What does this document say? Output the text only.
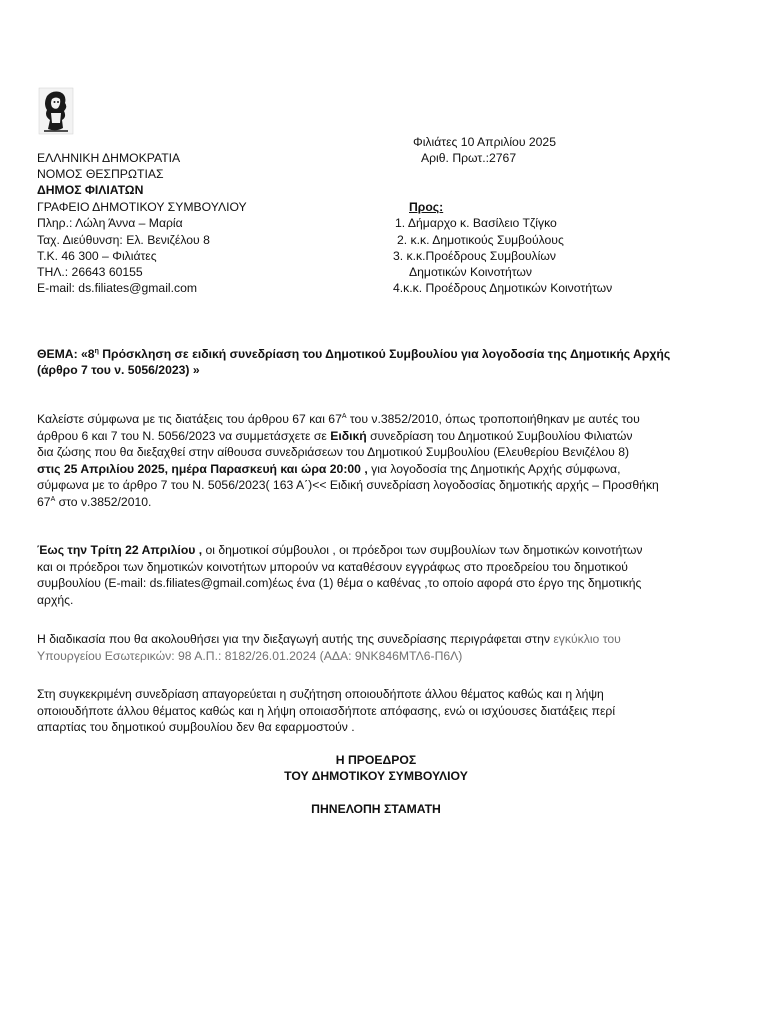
Φιλιάτες 10 Απριλίου 2025
Αριθ. Πρωτ.:2767
ΕΛΛΗΝΙΚΗ ΔΗΜΟΚΡΑΤΙΑ
ΝΟΜΟΣ ΘΕΣΠΡΩΤΙΑΣ
ΔΗΜΟΣ ΦΙΛΙΑΤΩΝ
ΓΡΑΦΕΙΟ ΔΗΜΟΤΙΚΟΥ ΣΥΜΒΟΥΛΙΟΥ
Πληρ.: Λώλη Άννα – Μαρία
Ταχ. Διεύθυνση: Ελ. Βενιζέλου 8
Τ.Κ. 46 300 – Φιλιάτες
ΤΗΛ.: 26643 60155
E-mail: ds.filiates@gmail.com
Προς:
1. Δήμαρχο κ. Βασίλειο Τζίγκο
2. κ.κ. Δημοτικούς Συμβούλους
3. κ.κ.Προέδρους Συμβουλίων
Δημοτικών Κοινοτήτων
4.κ.κ. Προέδρους Δημοτικών Κοινοτήτων
ΘΕΜΑ: «$8^\eta$ Πρόσκληση σε ειδική συνεδρίαση του Δημοτικού Συμβουλίου για λογοδοσία της Δημοτικής Αρχής
(άρθρο 7 του ν. 5056/2023) »

Καλείστε σύμφωνα με τις διατάξεις του άρθρου 67 και $67^A$ του ν.3852/2010, όπως τροποποιήθηκαν με αυτές του

άρθρου 6 και 7 του Ν. 5056/2023 να συμμετάσχετε σε Ειδική συνεδρίαση του Δημοτικού Συμβουλίου Φιλιατών

δια ζώσης που θα διεξαχθεί στην αίθουσα συνεδριάσεων του Δημοτικού Συμβουλίου (Ελευθερίου Βενιζέλου 8)

στις 25 Απριλίου 2025, ημέρα Παρασκευή και ώρα 20:00 , για λογοδοσία της Δημοτικής Αρχής σύμφωνα,

σύμφωνα με το άρθρο 7 του Ν. 5056/2023( 163 Α΄)<< Ειδική συνεδρίαση λογοδοσίας δημοτικής αρχής – Προσθήκη

$67^A$ στο ν.3852/2010.

Έως την Τρίτη 22 Απριλίου , οι δημοτικοί σύμβουλοι , οι πρόεδροι των συμβουλίων των δημοτικών κοινοτήτων

και οι πρόεδροι των δημοτικών κοινοτήτων μπορούν να καταθέσουν εγγράφως στο προεδρείου του δημοτικού

συμβουλίου (E-mail: ds.filiates@gmail.com)έως ένα (1) θέμα ο καθένας ,το οποίο αφορά στο έργο της δημοτικής

αρχής.

Η διαδικασία που θα ακολουθήσει για την διεξαγωγή αυτής της συνεδρίασης περιγράφεται στην εγκύκλιο του

Υπουργείου Εσωτερικών: 98 Α.Π.: 8182/26.01.2024 (ΑΔΑ: 9ΝΚ846ΜΤΛ6-Π6Λ)

Στη συγκεκριμένη συνεδρίαση απαγορεύεται η συζήτηση οποιουδήποτε άλλου θέματος καθώς και η λήψη

οποιουδήποτε άλλου θέματος καθώς και η λήψη οποιασδήποτε απόφασης, ενώ οι ισχύουσες διατάξεις περί

απαρτίας του δημοτικού συμβουλίου δεν θα εφαρμοστούν .

Η ΠΡΟΕΔΡΟΣ
ΤΟΥ ΔΗΜΟΤΙΚΟΥ ΣΥΜΒΟΥΛΙΟΥ
ΠΗΝΕΛΟΠΗ ΣΤΑΜΑΤΗ
